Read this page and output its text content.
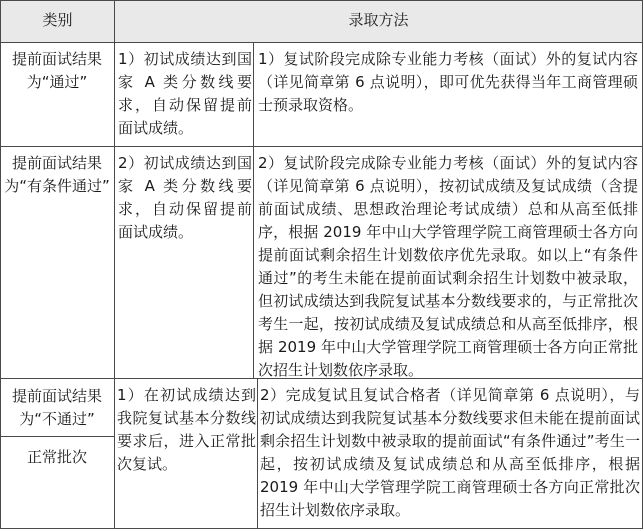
类别	录取方法
提前面试结果为“通过”
1）初试成绩达到国家 A 类分数线要求，自动保留提前面试成绩。
1）复试阶段完成除专业能力考核（面试）外的复试内容（详见简章第 6 点说明），即可优先获得当年工商管理硕士预录取资格。
提前面试结果为“有条件通过”
2）初试成绩达到国家 A 类分数线要求，自动保留提前面试成绩。
2）复试阶段完成除专业能力考核（面试）外的复试内容（详见简章第 6 点说明），按初试成绩及复试成绩（含提前面试成绩、思想政治理论考试成绩）总和从高至低排序，根据 2019 年中山大学管理学院工商管理硕士各方向提前面试剩余招生计划数依序优先录取。如以上“有条件通过”的考生未能在提前面试剩余招生计划数中被录取，但初试成绩达到我院复试基本分数线要求的，与正常批次考生一起，按初试成绩及复试成绩总和从高至低排序，根据 2019 年中山大学管理学院工商管理硕士各方向正常批次招生计划数依序录取。
提前面试结果为“不通过”
正常批次
1）在初试成绩达到我院复试基本分数线要求后，进入正常批次复试。
2）完成复试且复试合格者（详见简章第 6 点说明），与初试成绩达到我院复试基本分数线要求但未能在提前面试剩余招生计划数中被录取的提前面试“有条件通过”考生一起，按初试成绩及复试成绩总和从高至低排序，根据 2019 年中山大学管理学院工商管理硕士各方向正常批次招生计划数依序录取。
